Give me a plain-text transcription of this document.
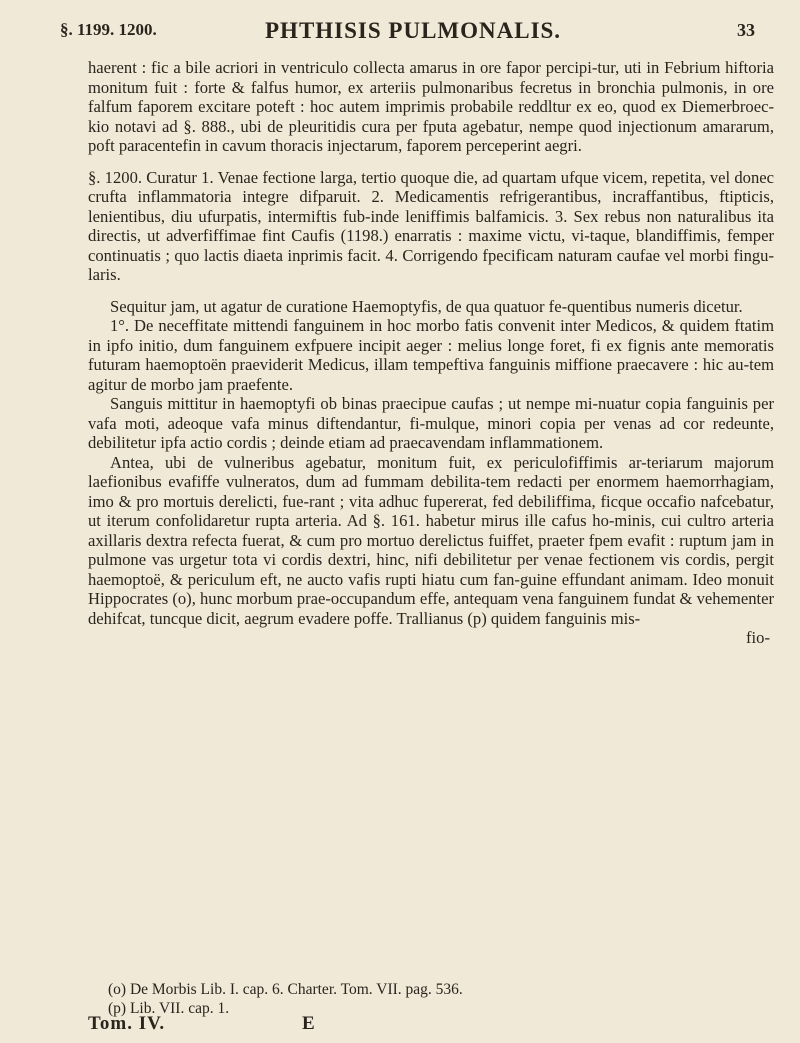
§. 1199. 1200.	PHTHISIS PULMONALIS.	33

haerent : fic a bile acriori in ventriculo collecta amarus in ore fapor percipi-tur, uti in Febrium hiftoria monitum fuit : forte & falfus humor, ex arteriis pulmonaribus fecretus in bronchia pulmonis, in ore falfum faporem excitare poteft : hoc autem imprimis probabile reddltur ex eo, quod ex Diemerbroec-kio notavi ad §. 888., ubi de pleuritidis cura per fputa agebatur, nempe quod injectionum amararum, poft paracentefin in cavum thoracis injectarum, faporem perceperint aegri.

§. 1200. Curatur 1. Venae fectione larga, tertio quoque die, ad quartam ufque vicem, repetita, vel donec crufta inflammatoria integre difparuit. 2. Medicamentis refrigerantibus, incraffantibus, ftipticis, lenientibus, diu ufurpatis, intermiftis fub-inde leniffimis balfamicis. 3. Sex rebus non naturalibus ita directis, ut adverfiffimae fint Caufis (1198.) enarratis : maxime victu, vi-taque, blandiffimis, femper continuatis ; quo lactis diaeta inprimis facit. 4. Corrigendo fpecificam naturam caufae vel morbi fingu-laris.

Sequitur jam, ut agatur de curatione Haemoptyfis, de qua quatuor fe-quentibus numeris dicetur.

1°. De neceffitate mittendi fanguinem in hoc morbo fatis convenit inter Medicos, & quidem ftatim in ipfo initio, dum fanguinem exfpuere incipit aeger : melius longe foret, fi ex fignis ante memoratis futuram haemoptoën praeviderit Medicus, illam tempeftiva fanguinis miffione praecavere : hic au-tem agitur de morbo jam praefente.

Sanguis mittitur in haemoptyfi ob binas praecipue caufas ; ut nempe mi-nuatur copia fanguinis per vafa moti, adeoque vafa minus diftendantur, fi-mulque, minori copia per venas ad cor redeunte, debilitetur ipfa actio cordis ; deinde etiam ad praecavendam inflammationem.

Antea, ubi de vulneribus agebatur, monitum fuit, ex periculofiffimis ar-teriarum majorum laefionibus evafiffe vulneratos, dum ad fummam debilita-tem redacti per enormem haemorrhagiam, imo & pro mortuis derelicti, fue-rant ; vita adhuc fupererat, fed debiliffima, ficque occafio nafcebatur, ut iterum confolidaretur rupta arteria. Ad §. 161. habetur mirus ille cafus ho-minis, cui cultro arteria axillaris dextra refecta fuerat, & cum pro mortuo derelictus fuiffet, praeter fpem evafit : ruptum jam in pulmone vas urgetur tota vi cordis dextri, hinc, nifi debilitetur per venae fectionem vis cordis, pergit haemoptoë, & periculum eft, ne aucto vafis rupti hiatu cum fan-guine effundant animam. Ideo monuit Hippocrates (o), hunc morbum prae-occupandum effe, antequam vena fanguinem fundat & vehementer dehifcat, tuncque dicit, aegrum evadere poffe. Trallianus (p) quidem fanguinis mis-

fio-
(o) De Morbis Lib. I. cap. 6. Charter. Tom. VII. pag. 536.
(p) Lib. VII. cap. 1.
Tom. IV.	E
